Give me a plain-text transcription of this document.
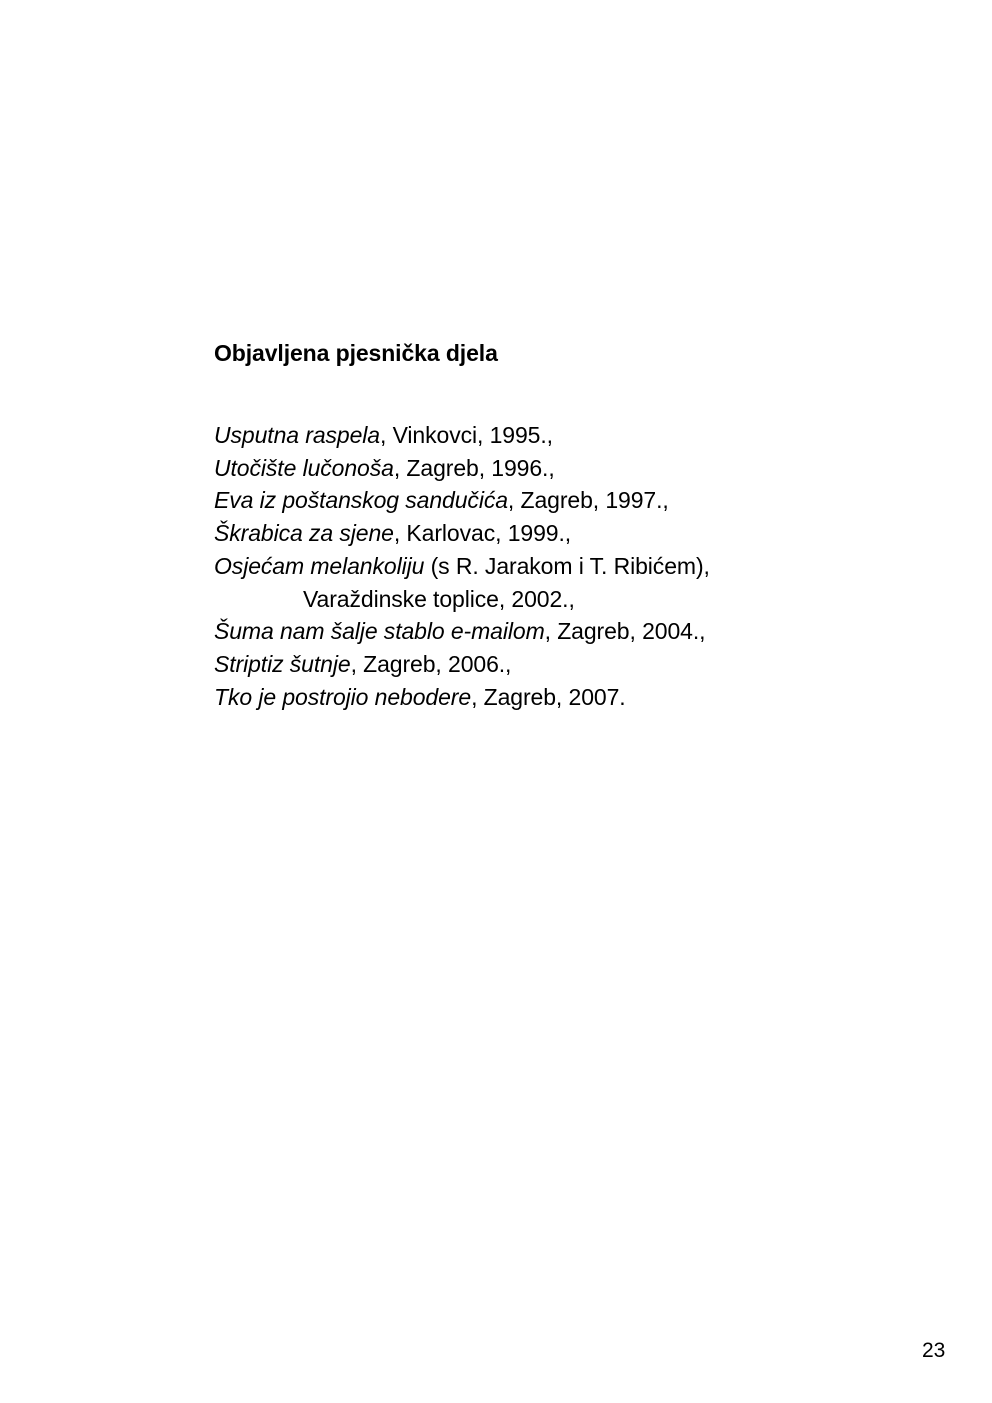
Objavljena pjesnička djela
Usputna raspela, Vinkovci, 1995.,
Utočište lučonoša, Zagreb, 1996.,
Eva iz poštanskog sandučića, Zagreb, 1997.,
Škrabica za sjene, Karlovac, 1999.,
Osjećam melankoliju (s R. Jarakom i T. Ribićem),
Varaždinske toplice, 2002.,
Šuma nam šalje stablo e-mailom, Zagreb, 2004.,
Striptiz šutnje, Zagreb, 2006.,
Tko je postrojio nebodere, Zagreb, 2007.
23
